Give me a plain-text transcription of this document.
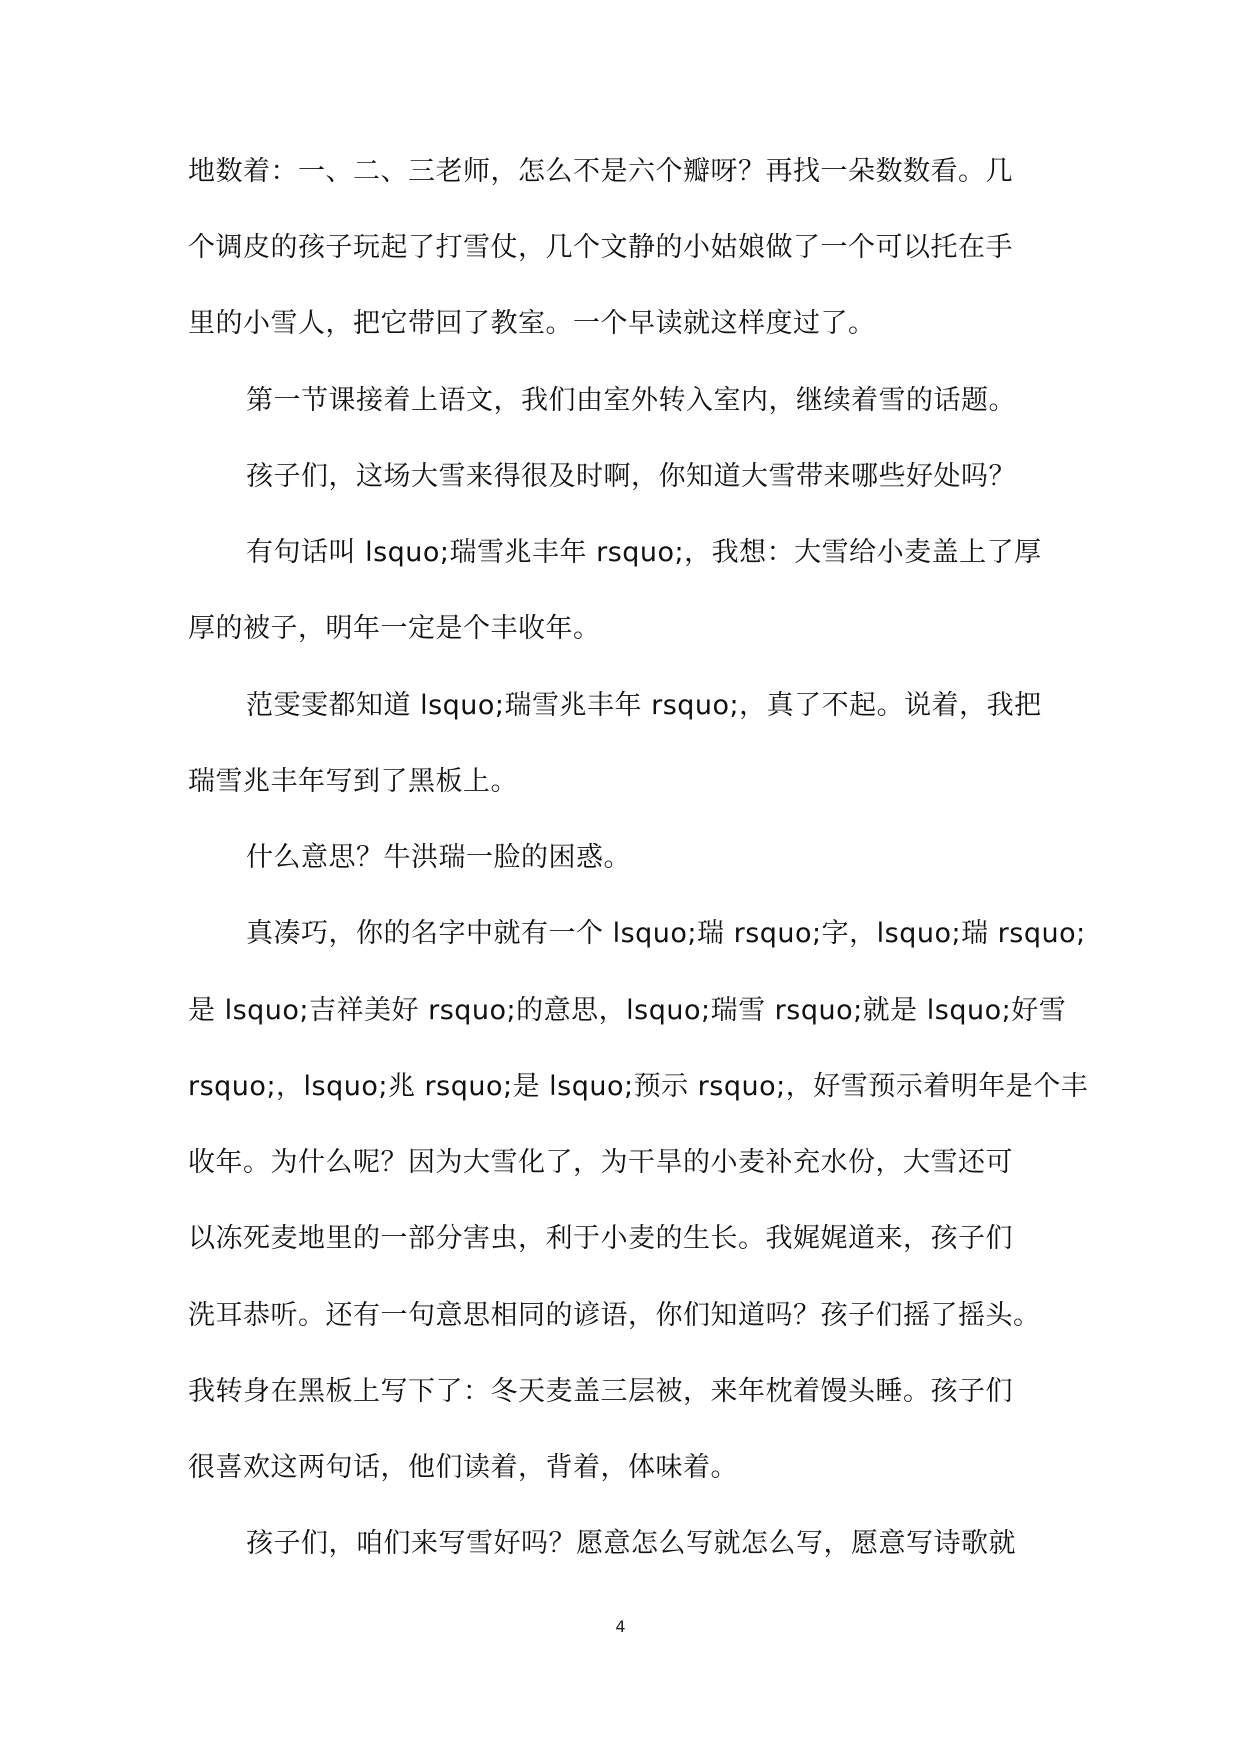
地数着：一、二、三老师，怎么不是六个瓣呀？再找一朵数数看。几
个调皮的孩子玩起了打雪仗，几个文静的小姑娘做了一个可以托在手
里的小雪人，把它带回了教室。一个早读就这样度过了。
第一节课接着上语文，我们由室外转入室内，继续着雪的话题。
孩子们，这场大雪来得很及时啊，你知道大雪带来哪些好处吗？
有句话叫 lsquo;瑞雪兆丰年 rsquo;，我想：大雪给小麦盖上了厚
厚的被子，明年一定是个丰收年。
范雯雯都知道 lsquo;瑞雪兆丰年 rsquo;，真了不起。说着，我把
瑞雪兆丰年写到了黑板上。
什么意思？牛洪瑞一脸的困惑。
真凑巧，你的名字中就有一个 lsquo;瑞 rsquo;字，lsquo;瑞 rsquo;
是 lsquo;吉祥美好 rsquo;的意思，lsquo;瑞雪 rsquo;就是 lsquo;好雪
rsquo;，lsquo;兆 rsquo;是 lsquo;预示 rsquo;，好雪预示着明年是个丰
收年。为什么呢？因为大雪化了，为干旱的小麦补充水份，大雪还可
以冻死麦地里的一部分害虫，利于小麦的生长。我娓娓道来，孩子们
洗耳恭听。还有一句意思相同的谚语，你们知道吗？孩子们摇了摇头。
我转身在黑板上写下了：冬天麦盖三层被，来年枕着馒头睡。孩子们
很喜欢这两句话，他们读着，背着，体味着。
孩子们，咱们来写雪好吗？愿意怎么写就怎么写，愿意写诗歌就
4
